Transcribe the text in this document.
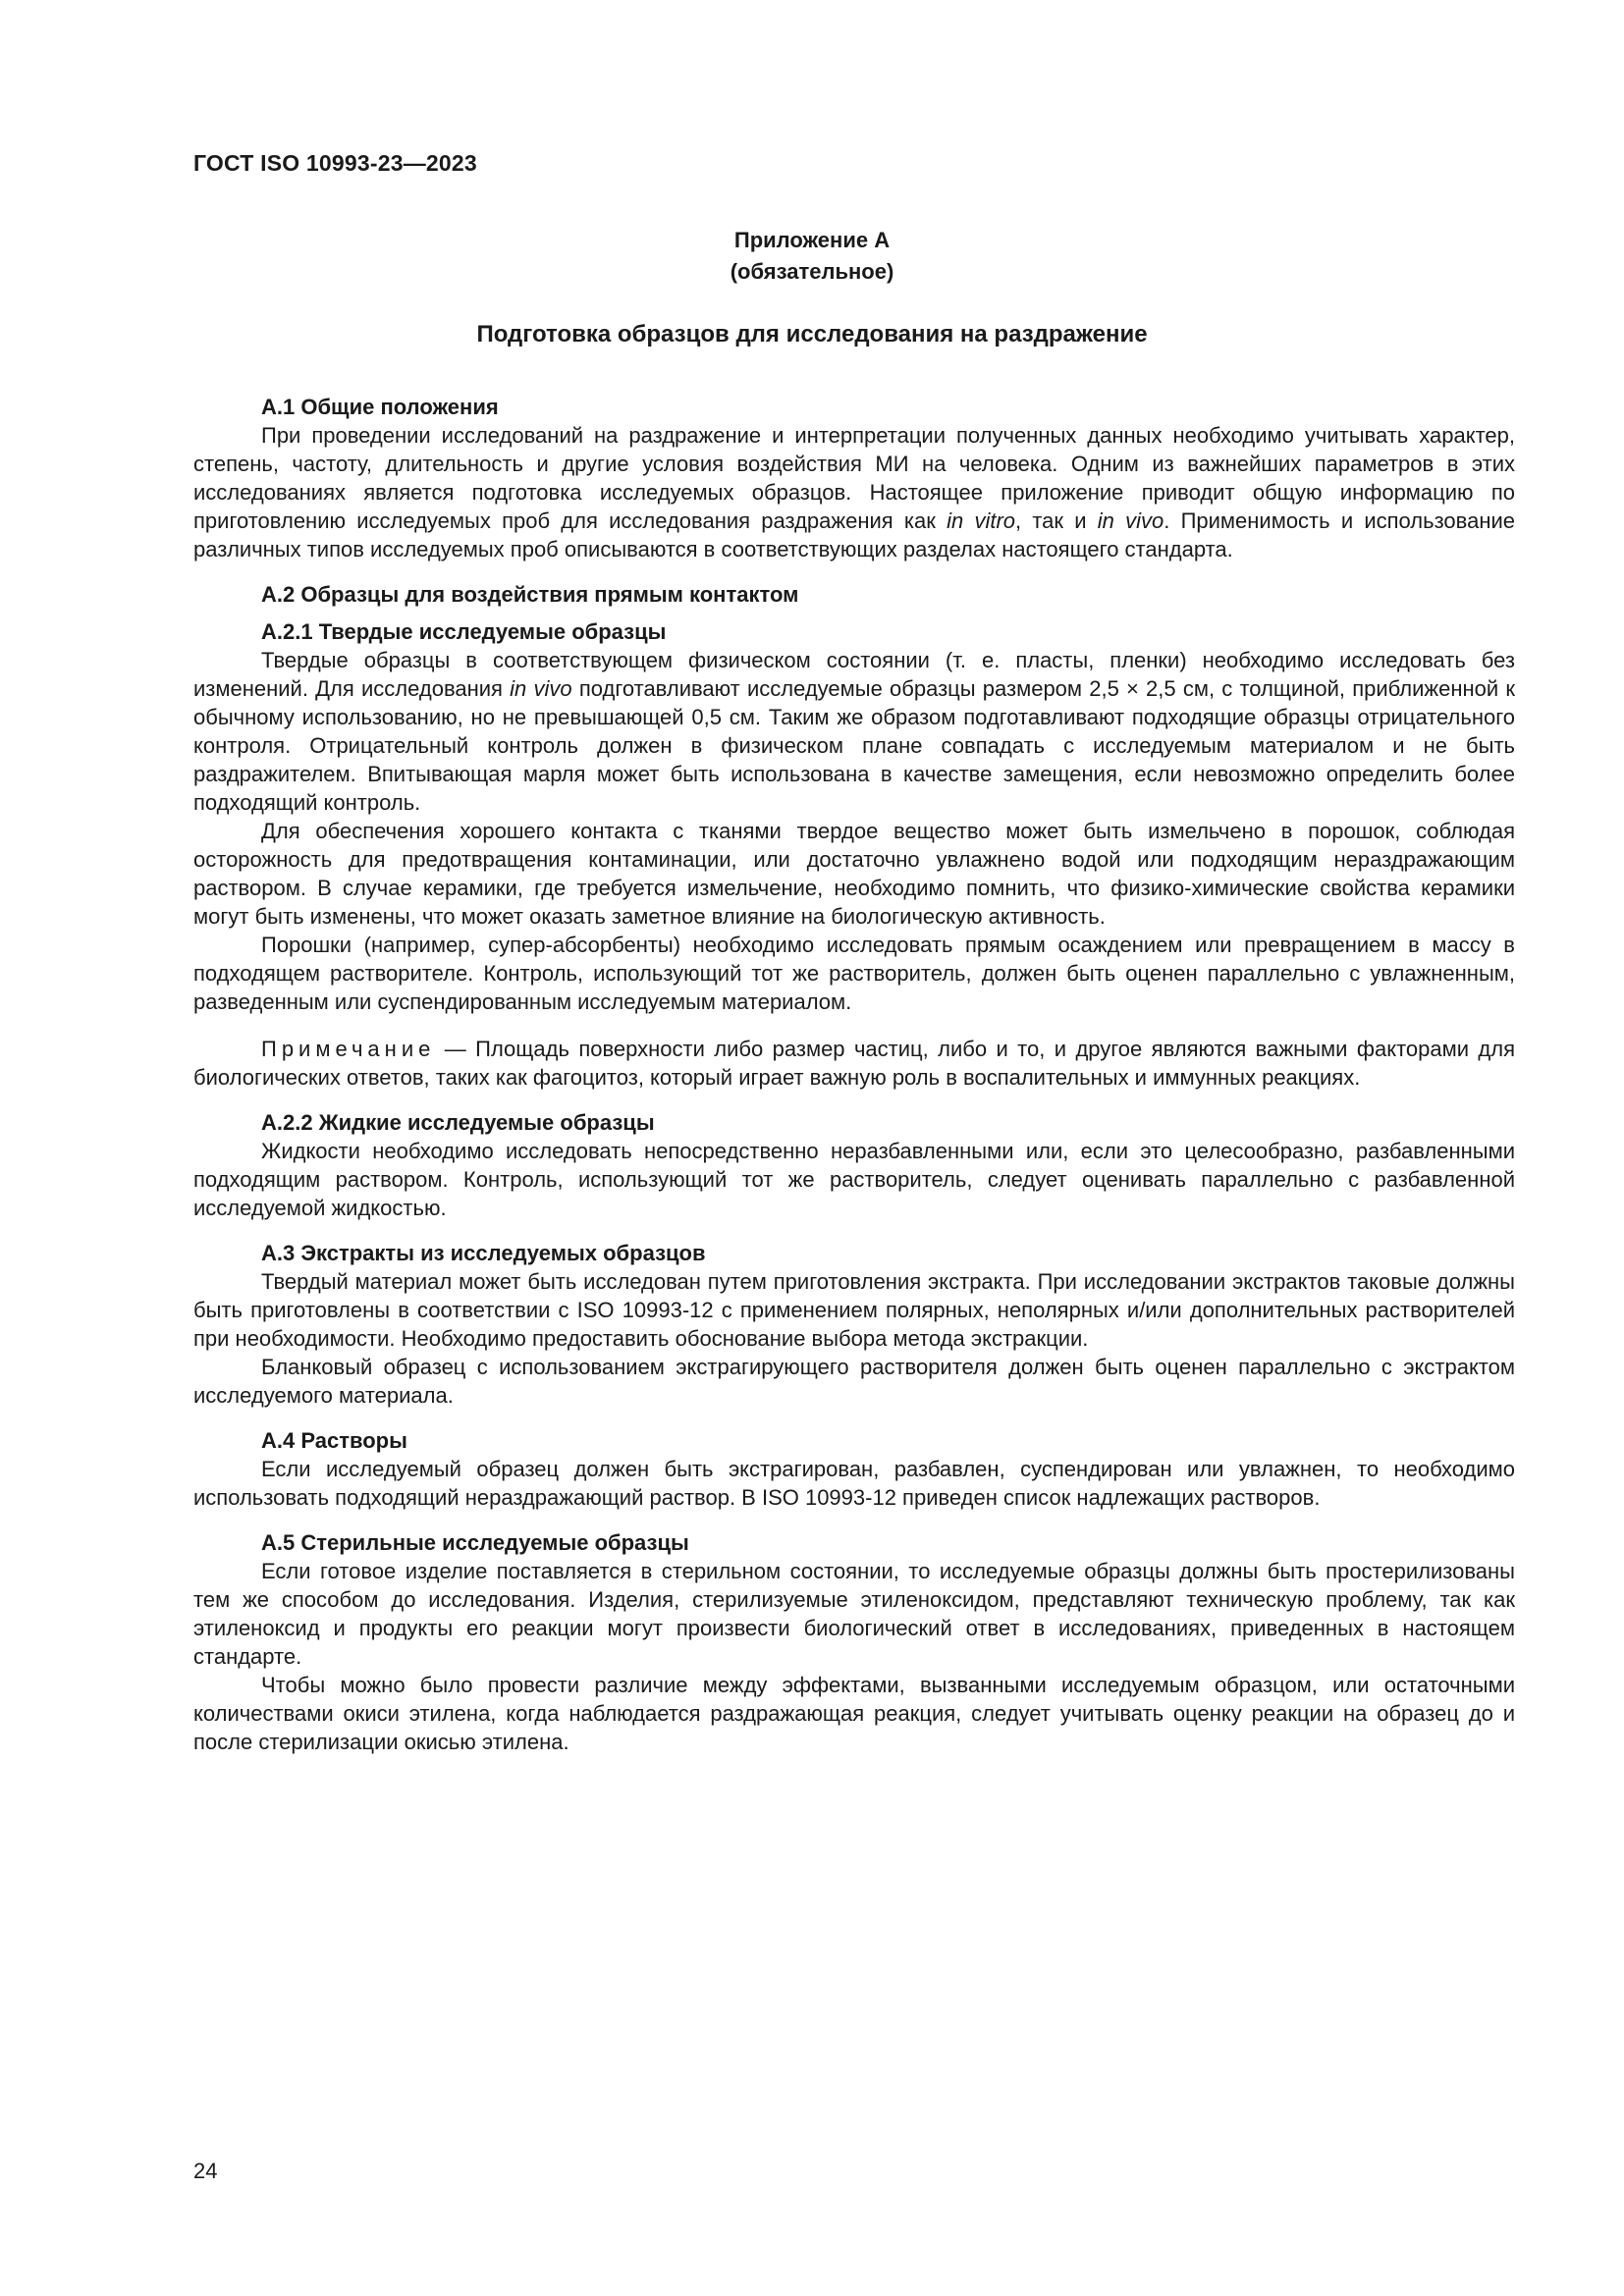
ГОСТ ISO 10993-23—2023
Приложение А
(обязательное)
Подготовка образцов для исследования на раздражение
А.1 Общие положения

При проведении исследований на раздражение и интерпретации полученных данных необходимо учитывать характер, степень, частоту, длительность и другие условия воздействия МИ на человека. Одним из важнейших параметров в этих исследованиях является подготовка исследуемых образцов. Настоящее приложение приводит общую информацию по приготовлению исследуемых проб для исследования раздражения как in vitro, так и in vivo. Применимость и использование различных типов исследуемых проб описываются в соответствующих разделах настоящего стандарта.

А.2 Образцы для воздействия прямым контактом
А.2.1 Твердые исследуемые образцы

Твердые образцы в соответствующем физическом состоянии (т. е. пласты, пленки) необходимо исследовать без изменений. Для исследования in vivo подготавливают исследуемые образцы размером 2,5 × 2,5 см, с толщиной, приближенной к обычному использованию, но не превышающей 0,5 см. Таким же образом подготавливают подходящие образцы отрицательного контроля. Отрицательный контроль должен в физическом плане совпадать с исследуемым материалом и не быть раздражителем. Впитывающая марля может быть использована в качестве замещения, если невозможно определить более подходящий контроль.

Для обеспечения хорошего контакта с тканями твердое вещество может быть измельчено в порошок, соблюдая осторожность для предотвращения контаминации, или достаточно увлажнено водой или подходящим нераздражающим раствором. В случае керамики, где требуется измельчение, необходимо помнить, что физико-химические свойства керамики могут быть изменены, что может оказать заметное влияние на биологическую активность.

Порошки (например, супер-абсорбенты) необходимо исследовать прямым осаждением или превращением в массу в подходящем растворителе. Контроль, использующий тот же растворитель, должен быть оценен параллельно с увлажненным, разведенным или суспендированным исследуемым материалом.

Примечание — Площадь поверхности либо размер частиц, либо и то, и другое являются важными факторами для биологических ответов, таких как фагоцитоз, который играет важную роль в воспалительных и иммунных реакциях.

А.2.2 Жидкие исследуемые образцы

Жидкости необходимо исследовать непосредственно неразбавленными или, если это целесообразно, разбавленными подходящим раствором. Контроль, использующий тот же растворитель, следует оценивать параллельно с разбавленной исследуемой жидкостью.

А.3 Экстракты из исследуемых образцов

Твердый материал может быть исследован путем приготовления экстракта. При исследовании экстрактов таковые должны быть приготовлены в соответствии с ISO 10993-12 с применением полярных, неполярных и/или дополнительных растворителей при необходимости. Необходимо предоставить обоснование выбора метода экстракции.

Бланковый образец с использованием экстрагирующего растворителя должен быть оценен параллельно с экстрактом исследуемого материала.

А.4 Растворы

Если исследуемый образец должен быть экстрагирован, разбавлен, суспендирован или увлажнен, то необходимо использовать подходящий нераздражающий раствор. В ISO 10993-12 приведен список надлежащих растворов.

А.5 Стерильные исследуемые образцы

Если готовое изделие поставляется в стерильном состоянии, то исследуемые образцы должны быть простерилизованы тем же способом до исследования. Изделия, стерилизуемые этиленоксидом, представляют техническую проблему, так как этиленоксид и продукты его реакции могут произвести биологический ответ в исследованиях, приведенных в настоящем стандарте.

Чтобы можно было провести различие между эффектами, вызванными исследуемым образцом, или остаточными количествами окиси этилена, когда наблюдается раздражающая реакция, следует учитывать оценку реакции на образец до и после стерилизации окисью этилена.

24
